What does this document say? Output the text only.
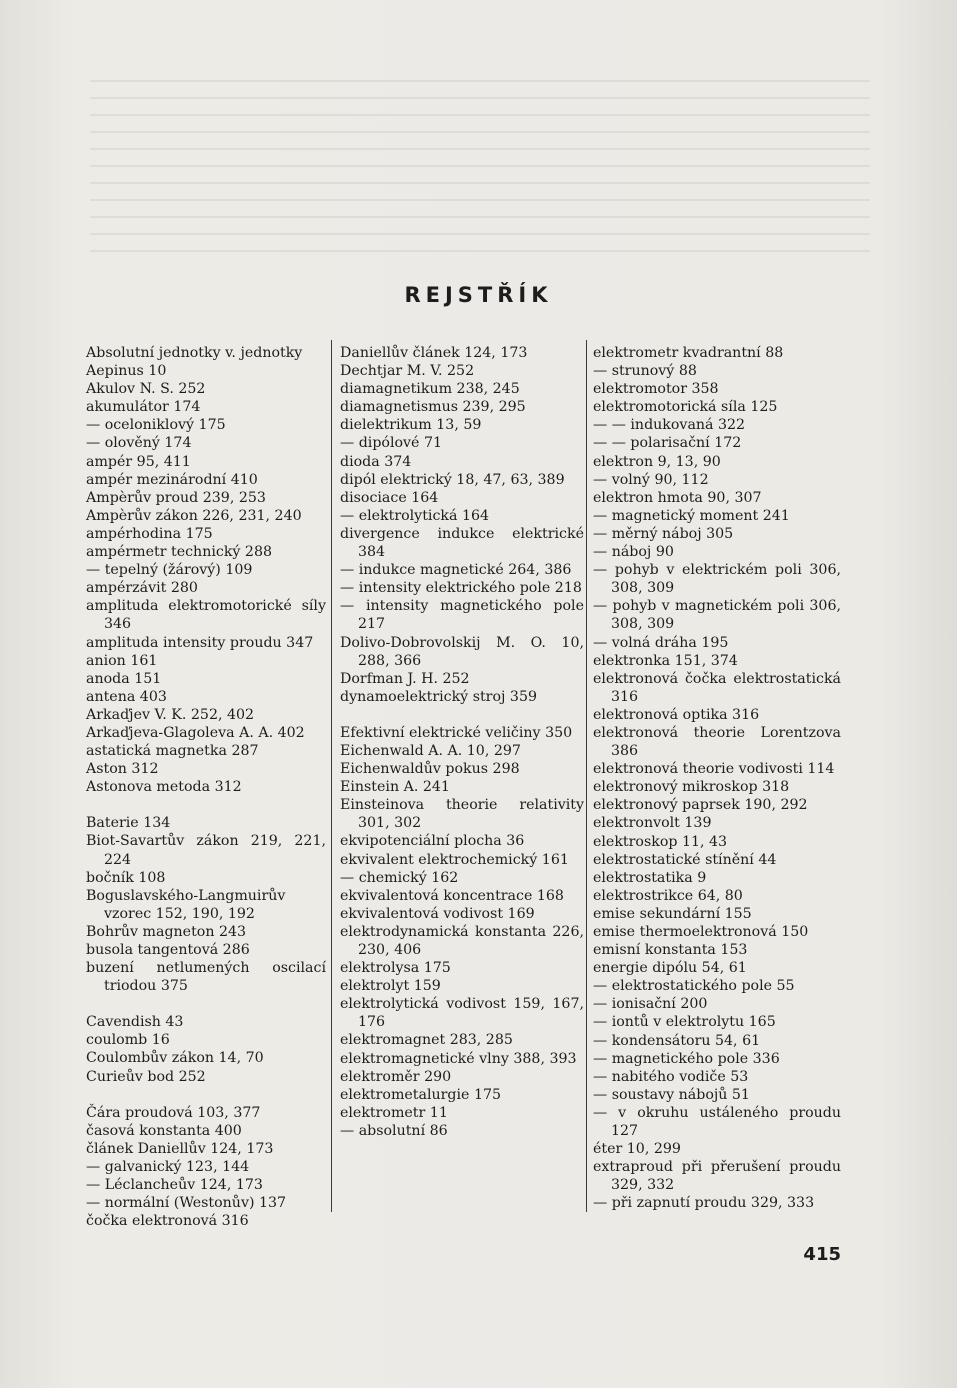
REJSTŘÍK
Absolutní jednotky v. jednotky
Aepinus 10
Akulov N. S. 252
akumulátor 174
— oceloniklový 175
— olověný 174
ampér 95, 411
ampér mezinárodní 410
Ampèrův proud 239, 253
Ampèrův zákon 226, 231, 240
ampérhodina 175
ampérmetr technický 288
— tepelný (žárový) 109
ampérzávit 280
amplituda elektromotorické síly 346
amplituda intensity proudu 347
anion 161
anoda 151
antena 403
Arkaďjev V. K. 252, 402
Arkaďjeva-Glagoleva A. A. 402
astatická magnetka 287
Aston 312
Astonova metoda 312
Baterie 134
Biot-Savartův zákon 219, 221, 224
bočník 108
Boguslavského-Langmuirův vzorec 152, 190, 192
Bohrův magneton 243
busola tangentová 286
buzení netlumených oscilací triodou 375
Cavendish 43
coulomb 16
Coulombův zákon 14, 70
Curieův bod 252
Čára proudová 103, 377
časová konstanta 400
článek Daniellův 124, 173
— galvanický 123, 144
— Léclancheův 124, 173
— normální (Westonův) 137
čočka elektronová 316
Daniellův článek 124, 173
Dechtjar M. V. 252
diamagnetikum 238, 245
diamagnetismus 239, 295
dielektrikum 13, 59
— dipólové 71
dioda 374
dipól elektrický 18, 47, 63, 389
disociace 164
— elektrolytická 164
divergence indukce elektrické 384
— indukce magnetické 264, 386
— intensity elektrického pole 218
— intensity magnetického pole 217
Dolivo-Dobrovolskij M. O. 10, 288, 366
Dorfman J. H. 252
dynamoelektrický stroj 359
Efektivní elektrické veličiny 350
Eichenwald A. A. 10, 297
Eichenwaldův pokus 298
Einstein A. 241
Einsteinova theorie relativity 301, 302
ekvipotenciální plocha 36
ekvivalent elektrochemický 161
— chemický 162
ekvivalentová koncentrace 168
ekvivalentová vodivost 169
elektrodynamická konstanta 226, 230, 406
elektrolysa 175
elektrolyt 159
elektrolytická vodivost 159, 167, 176
elektromagnet 283, 285
elektromagnetické vlny 388, 393
elektroměr 290
elektrometalurgie 175
elektrometr 11
— absolutní 86
elektrometr kvadrantní 88
— strunový 88
elektromotor 358
elektromotorická síla 125
— — indukovaná 322
— — polarisační 172
elektron 9, 13, 90
— volný 90, 112
elektron hmota 90, 307
— magnetický moment 241
— měrný náboj 305
— náboj 90
— pohyb v elektrickém poli 306, 308, 309
— pohyb v magnetickém poli 306, 308, 309
— volná dráha 195
elektronka 151, 374
elektronová čočka elektrostatická 316
elektronová optika 316
elektronová theorie Lorentzova 386
elektronová theorie vodivosti 114
elektronový mikroskop 318
elektronový paprsek 190, 292
elektronvolt 139
elektroskop 11, 43
elektrostatické stínění 44
elektrostatika 9
elektrostrikce 64, 80
emise sekundární 155
emise thermoelektronová 150
emisní konstanta 153
energie dipólu 54, 61
— elektrostatického pole 55
— ionisační 200
— iontů v elektrolytu 165
— kondensátoru 54, 61
— magnetického pole 336
— nabitého vodiče 53
— soustavy nábojů 51
— v okruhu ustáleného proudu 127
éter 10, 299
extraproud při přerušení proudu 329, 332
— při zapnutí proudu 329, 333
415
